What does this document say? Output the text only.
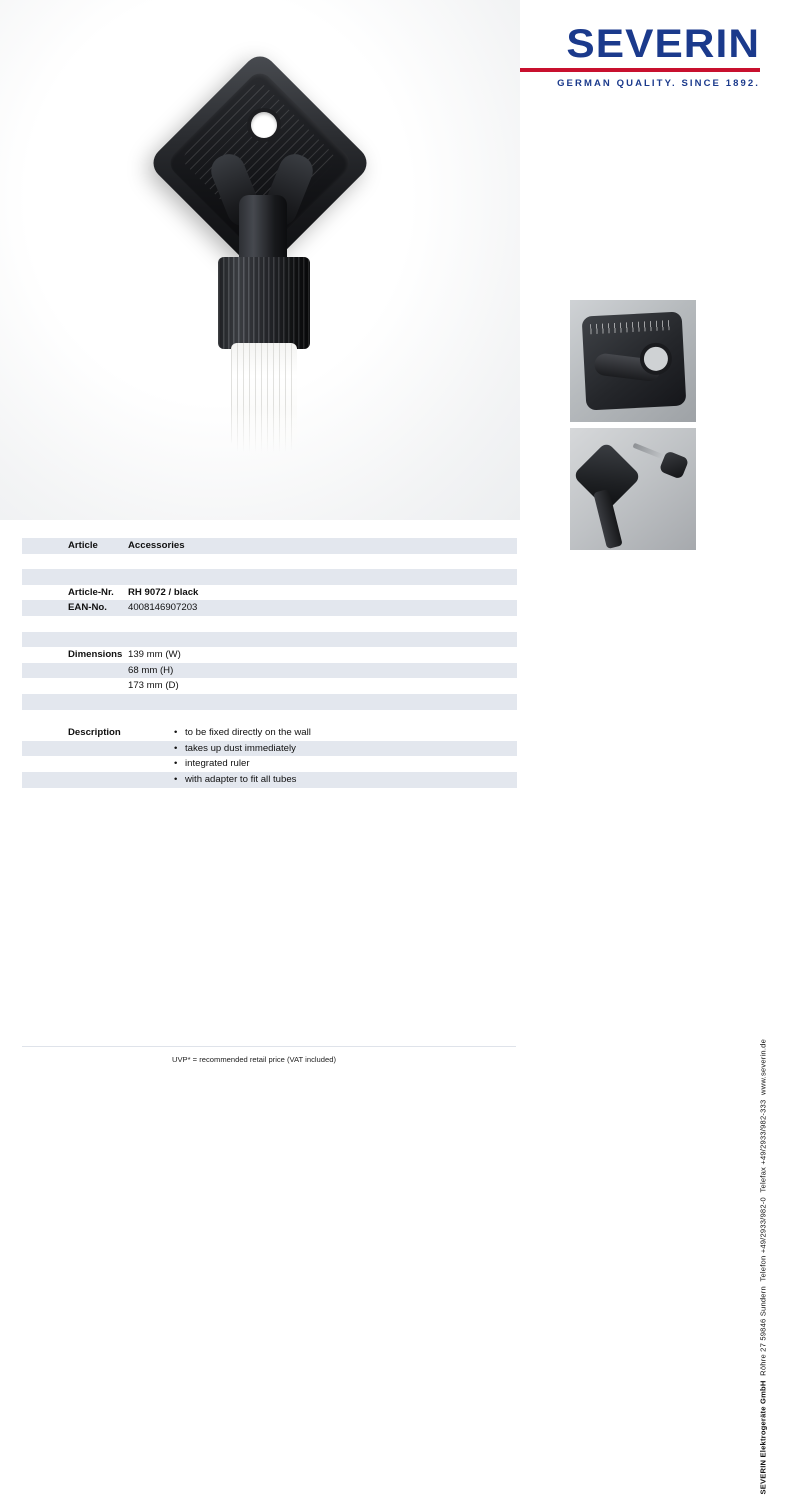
SEVERIN
GERMAN QUALITY. SINCE 1892.
Article	Accessories
Article-Nr.	RH 9072 / black
EAN-No.	4008146907203
Dimensions 139 mm (W)
68 mm (H)
173 mm (D)
Description	• to be fixed directly on the wall
• takes up dust immediately
• integrated ruler
• with adapter to fit all tubes
SEVERIN Elektrogeräte GmbH  Röhre 27 59846 Sundern  Telefon +49/2933/982-0  Telefax +49/2933/982-333  www.severin.de
UVP* = recommended retail price (VAT included)
